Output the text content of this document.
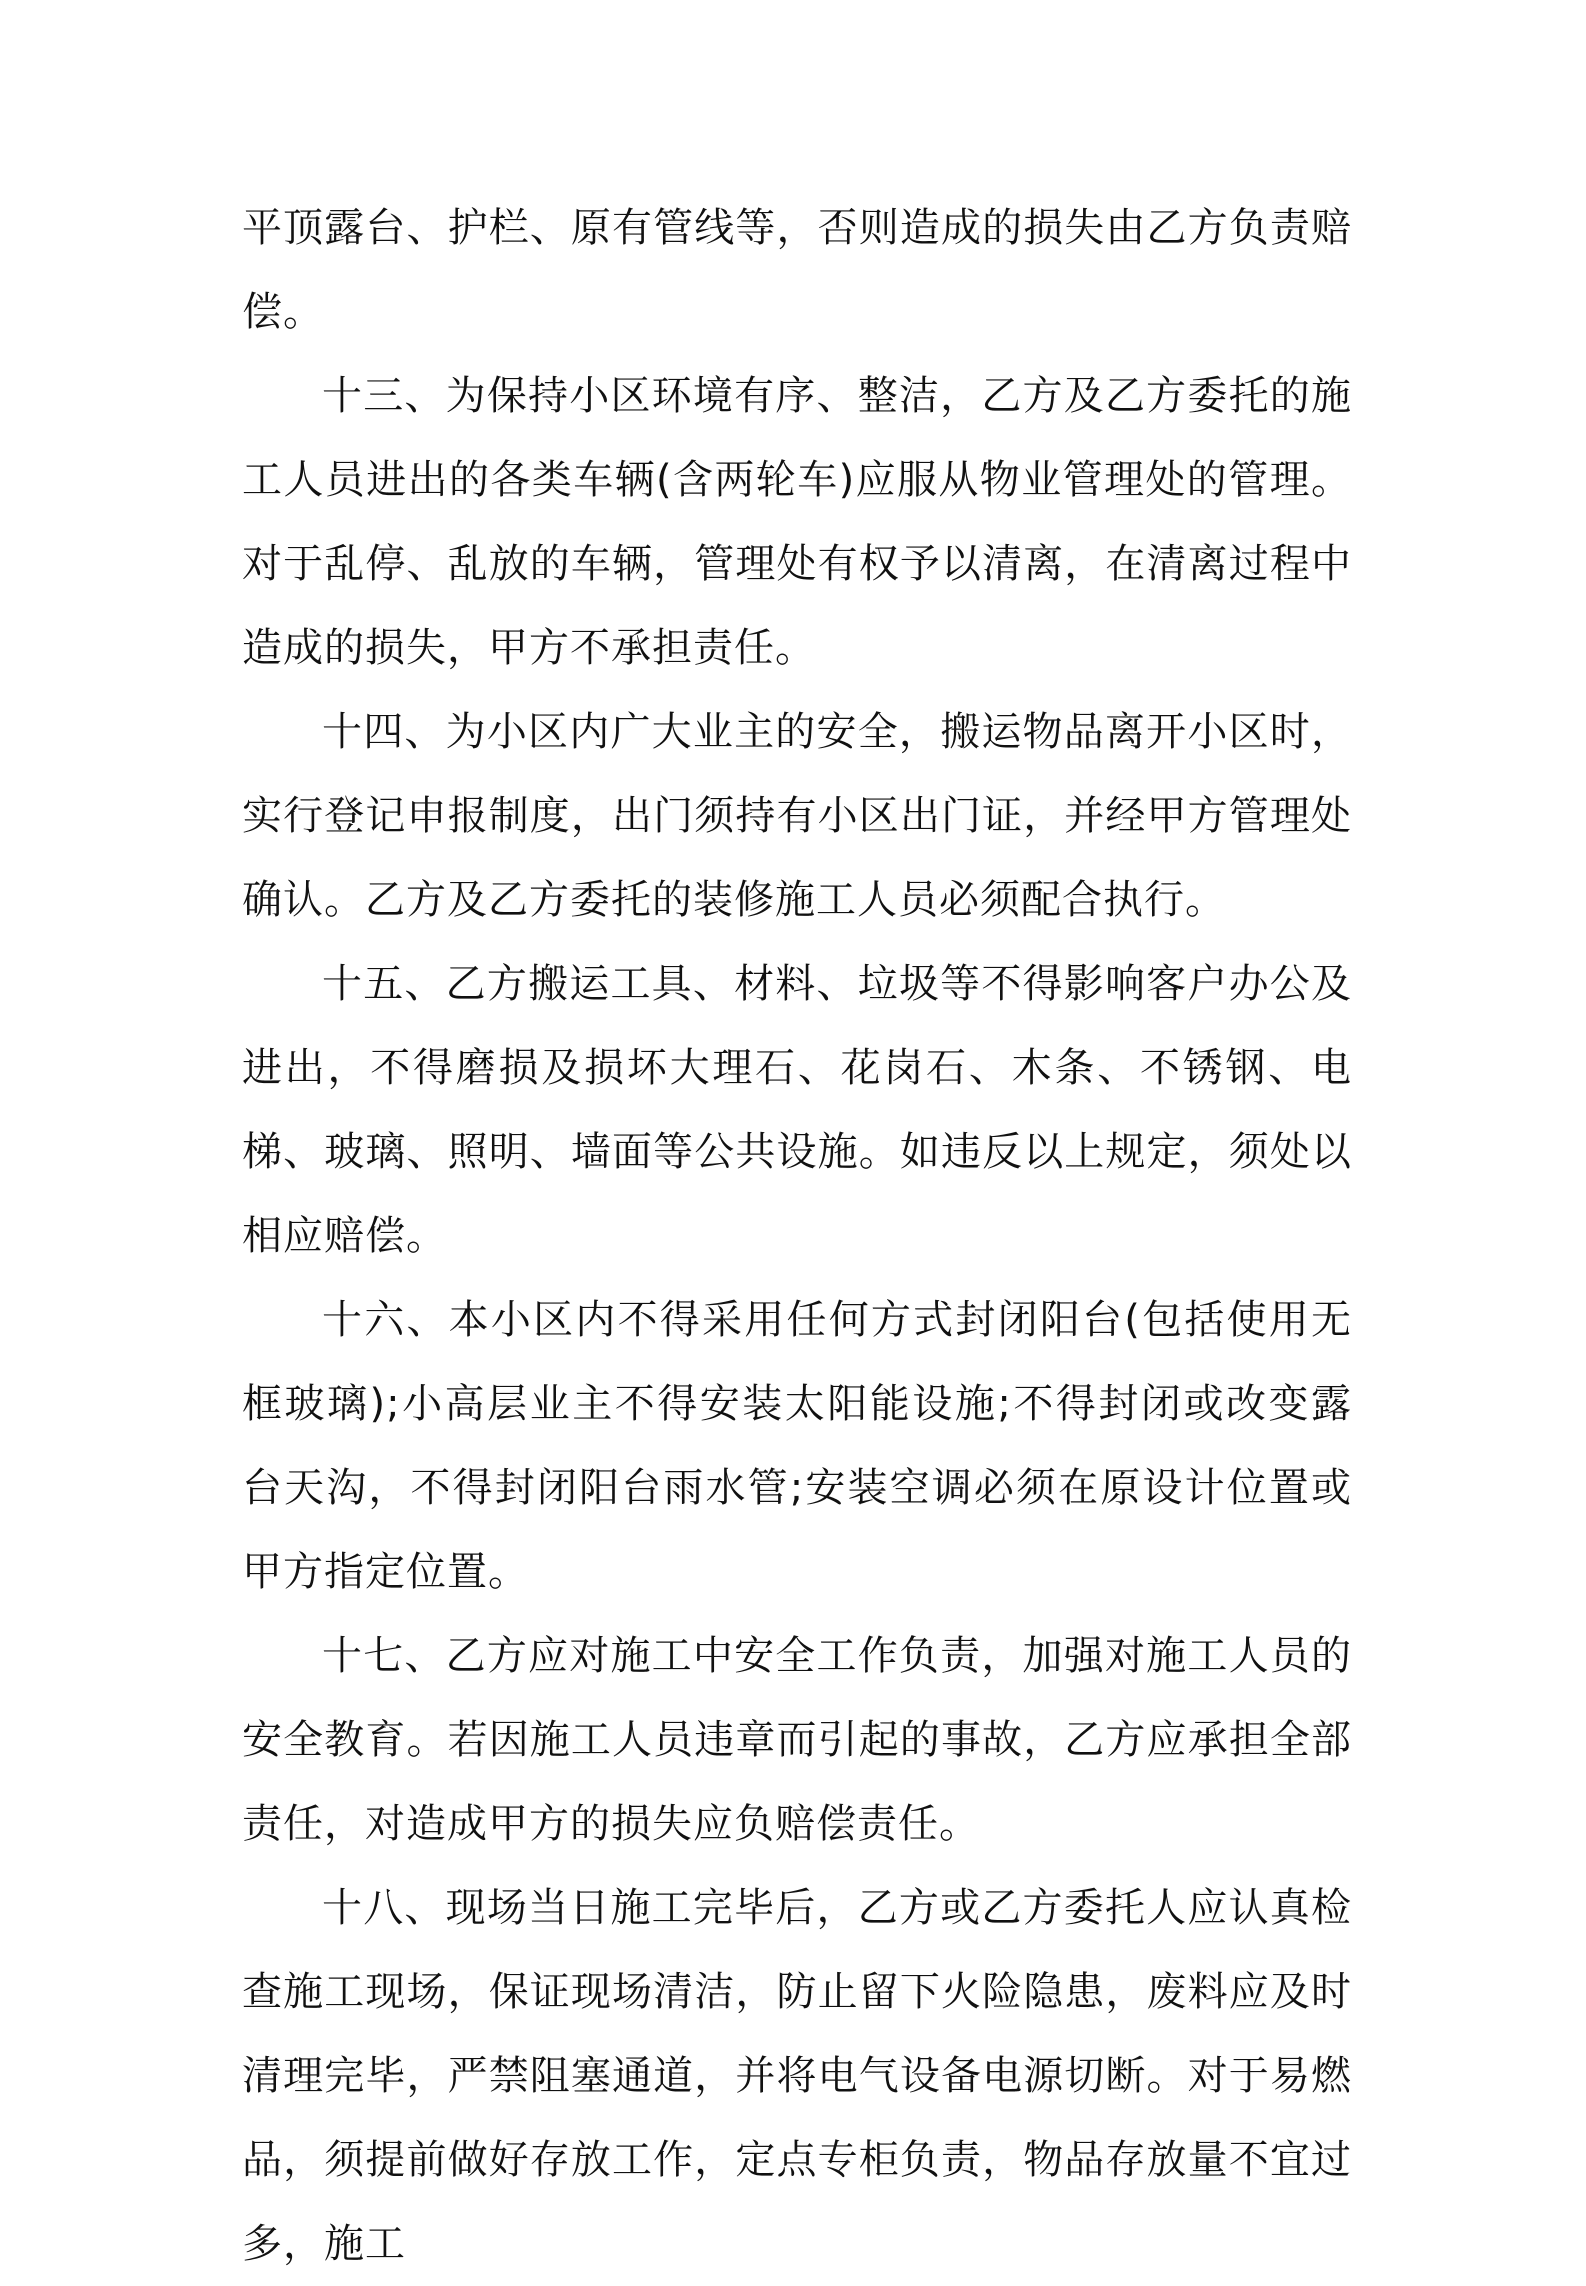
平顶露台、护栏、原有管线等，否则造成的损失由乙方负责赔偿。

十三、为保持小区环境有序、整洁，乙方及乙方委托的施工人员进出的各类车辆(含两轮车)应服从物业管理处的管理。对于乱停、乱放的车辆，管理处有权予以清离，在清离过程中造成的损失，甲方不承担责任。

十四、为小区内广大业主的安全，搬运物品离开小区时，实行登记申报制度，出门须持有小区出门证，并经甲方管理处确认。乙方及乙方委托的装修施工人员必须配合执行。

十五、乙方搬运工具、材料、垃圾等不得影响客户办公及进出，不得磨损及损坏大理石、花岗石、木条、不锈钢、电梯、玻璃、照明、墙面等公共设施。如违反以上规定，须处以相应赔偿。

十六、本小区内不得采用任何方式封闭阳台(包括使用无框玻璃);小高层业主不得安装太阳能设施;不得封闭或改变露台天沟，不得封闭阳台雨水管;安装空调必须在原设计位置或甲方指定位置。

十七、乙方应对施工中安全工作负责，加强对施工人员的安全教育。若因施工人员违章而引起的事故，乙方应承担全部责任，对造成甲方的损失应负赔偿责任。

十八、现场当日施工完毕后，乙方或乙方委托人应认真检查施工现场，保证现场清洁，防止留下火险隐患，废料应及时清理完毕，严禁阻塞通道，并将电气设备电源切断。对于易燃品，须提前做好存放工作，定点专柜负责，物品存放量不宜过多，施工
